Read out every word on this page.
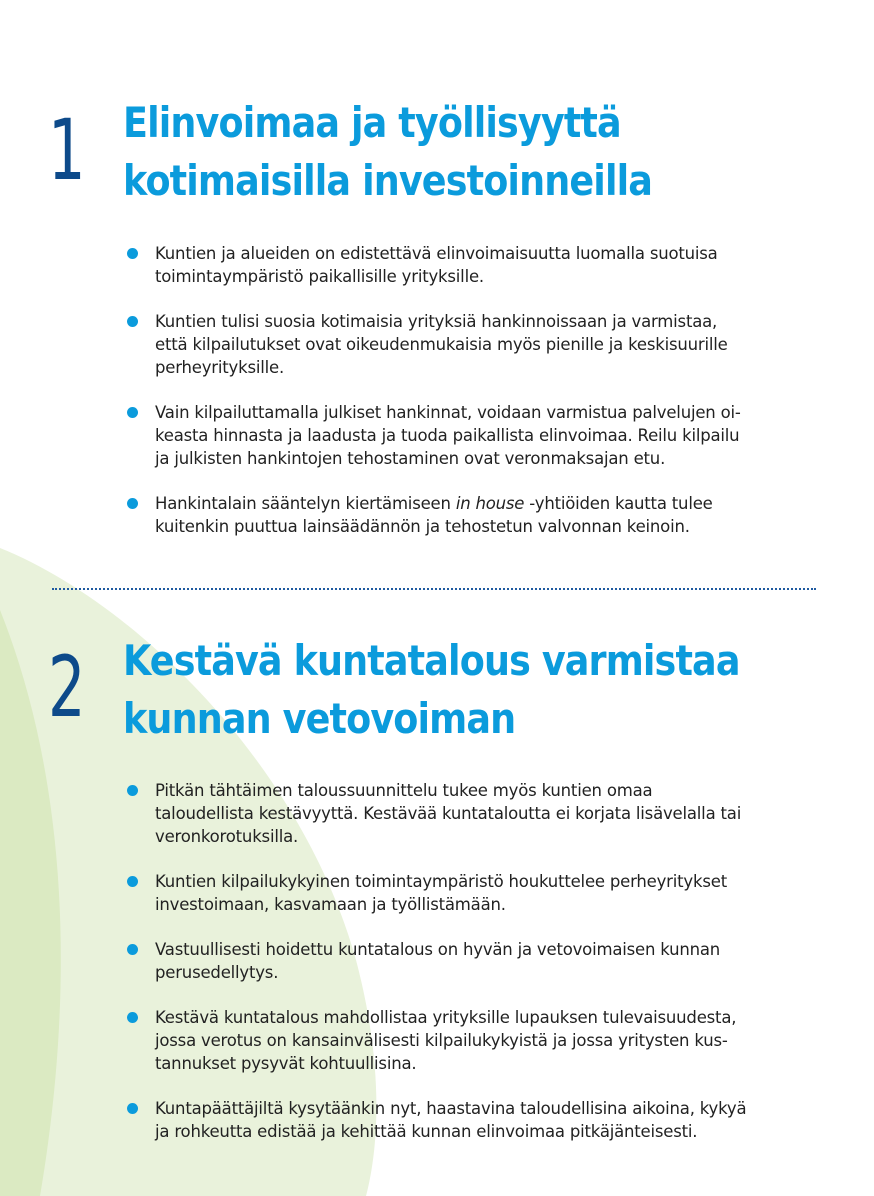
1 Elinvoimaa ja työllisyyttä
kotimaisilla investoinneilla
Kuntien ja alueiden on edistettävä elinvoimaisuutta luomalla suotuisa
toimintaympäristö paikallisille yrityksille.
Kuntien tulisi suosia kotimaisia yrityksiä hankinnoissaan ja varmistaa,
että kilpailutukset ovat oikeudenmukaisia myös pienille ja keskisuurille
perheyrityksille.
Vain kilpailuttamalla julkiset hankinnat, voidaan varmistua palvelujen oi-
keasta hinnasta ja laadusta ja tuoda paikallista elinvoimaa. Reilu kilpailu
ja julkisten hankintojen tehostaminen ovat veronmaksajan etu.
Hankintalain sääntelyn kiertämiseen in house -yhtiöiden kautta tulee
kuitenkin puuttua lainsäädännön ja tehostetun valvonnan keinoin.
2 Kestävä kuntatalous varmistaa
kunnan vetovoiman
Pitkän tähtäimen taloussuunnittelu tukee myös kuntien omaa
taloudellista kestävyyttä. Kestävää kuntataloutta ei korjata lisävelalla tai
veronkorotuksilla.
Kuntien kilpailukykyinen toimintaympäristö houkuttelee perheyritykset
investoimaan, kasvamaan ja työllistämään.
Vastuullisesti hoidettu kuntatalous on hyvän ja vetovoimaisen kunnan
perusedellytys.
Kestävä kuntatalous mahdollistaa yrityksille lupauksen tulevaisuudesta,
jossa verotus on kansainvälisesti kilpailukykyistä ja jossa yritysten kus-
tannukset pysyvät kohtuullisina.
Kuntapäättäjiltä kysytäänkin nyt, haastavina taloudellisina aikoina, kykyä
ja rohkeutta edistää ja kehittää kunnan elinvoimaa pitkäjänteisesti.
